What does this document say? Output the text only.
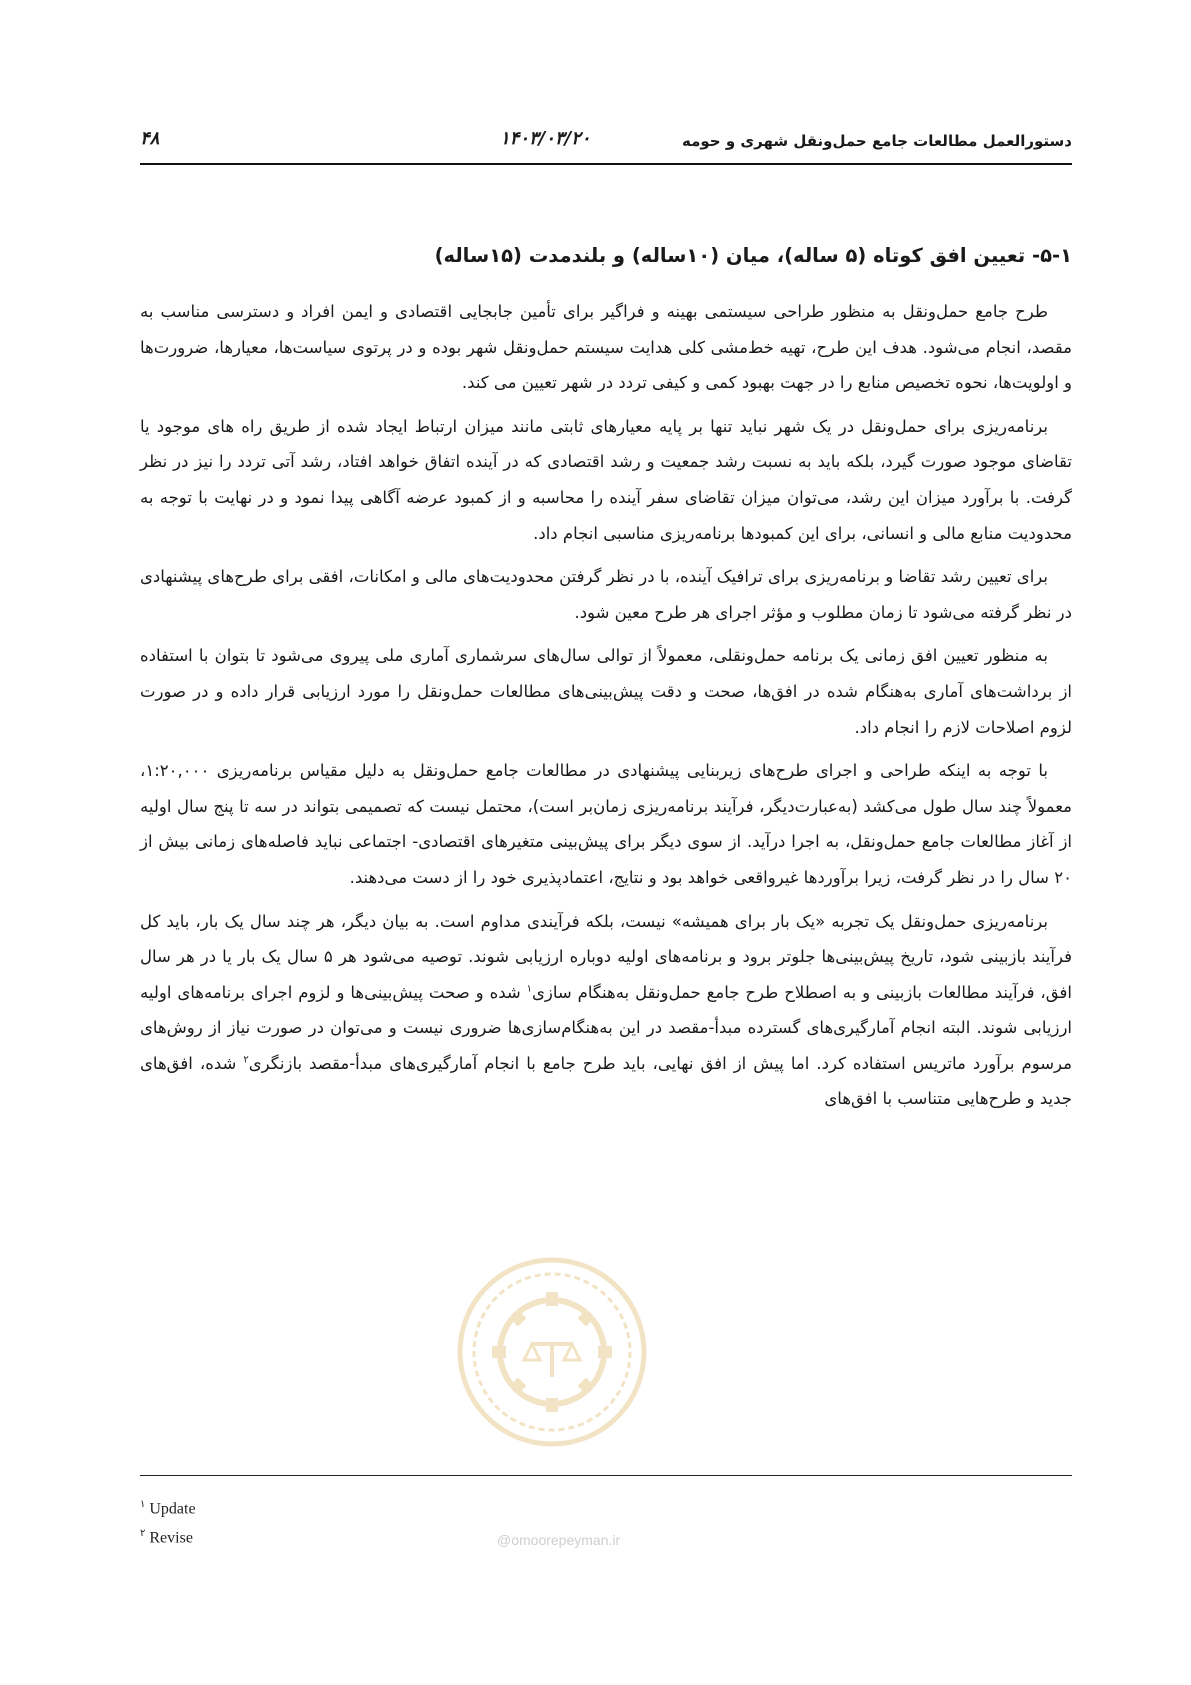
دستورالعمل مطالعات جامع حمل‌ونقل شهری و حومه
۱۴۰۳/۰۳/۲۰
۴۸
۵-۱- تعیین افق کوتاه (۵ ساله)، میان (۱۰ساله) و بلندمدت (۱۵ساله)

طرح جامع حمل‌ونقل به منظور طراحی سیستمی بهینه و فراگیر برای تأمین جابجایی اقتصادی و ایمن افراد و دسترسی مناسب به مقصد، انجام می‌شود. هدف این طرح، تهیه خط‌مشی کلی هدایت سیستم حمل‌ونقل شهر بوده و در پرتوی سیاست‌ها، معیارها، ضرورت‌ها و اولویت‌ها، نحوه تخصیص منابع را در جهت بهبود کمی و کیفی تردد در شهر تعیین می کند.

برنامه‌ریزی برای حمل‌ونقل در یک شهر نباید تنها بر پایه معیارهای ثابتی مانند میزان ارتباط ایجاد شده از طریق راه های موجود یا تقاضای موجود صورت گیرد، بلکه باید به نسبت رشد جمعیت و رشد اقتصادی که در آینده اتفاق خواهد افتاد، رشد آتی تردد را نیز در نظر گرفت. با برآورد میزان این رشد، می‌توان میزان تقاضای سفر آینده را محاسبه و از کمبود عرضه آگاهی پیدا نمود و در نهایت با توجه به محدودیت منابع مالی و انسانی، برای این کمبودها برنامه‌ریزی مناسبی انجام داد.

برای تعیین رشد تقاضا و برنامه‌ریزی برای ترافیک آینده، با در نظر گرفتن محدودیت‌های مالی و امکانات، افقی برای طرح‌های پیشنهادی در نظر گرفته می‌شود تا زمان مطلوب و مؤثر اجرای هر طرح معین شود.

به منظور تعیین افق زمانی یک برنامه حمل‌ونقلی، معمولاً از توالی سال‌های سرشماری آماری ملی پیروی می‌شود تا بتوان با استفاده از برداشت‌های آماری به‌هنگام شده در افق‌ها، صحت و دقت پیش‌بینی‌های مطالعات حمل‌ونقل را مورد ارزیابی قرار داده و در صورت لزوم اصلاحات لازم را انجام داد.

با توجه به اینکه طراحی و اجرای طرح‌های زیربنایی پیشنهادی در مطالعات جامع حمل‌ونقل به دلیل مقیاس برنامه‌ریزی ۱:۲۰,۰۰۰، معمولاً چند سال طول می‌کشد (به‌عبارت‌دیگر، فرآیند برنامه‌ریزی زمان‌بر است)، محتمل نیست که تصمیمی بتواند در سه تا پنج سال اولیه از آغاز مطالعات جامع حمل‌ونقل، به اجرا درآید. از سوی دیگر برای پیش‌بینی متغیرهای اقتصادی- اجتماعی نباید فاصله‌های زمانی بیش از ۲۰ سال را در نظر گرفت، زیرا برآوردها غیرواقعی خواهد بود و نتایج، اعتمادپذیری خود را از دست می‌دهند.

برنامه‌ریزی حمل‌ونقل یک تجربه «یک بار برای همیشه» نیست، بلکه فرآیندی مداوم است. به بیان دیگر، هر چند سال یک بار، باید کل فرآیند بازبینی شود، تاریخ پیش‌بینی‌ها جلوتر برود و برنامه‌های اولیه دوباره ارزیابی شوند. توصیه می‌شود هر ۵ سال یک بار یا در هر سال افق، فرآیند مطالعات بازبینی و به اصطلاح طرح جامع حمل‌ونقل به‌هنگام سازی$^۱$ شده و صحت پیش‌بینی‌ها و لزوم اجرای برنامه‌های اولیه ارزیابی شوند. البته انجام آمارگیری‌های گسترده مبدأ-مقصد در این به‌هنگام‌سازی‌ها ضروری نیست و می‌توان در صورت نیاز از روش‌های مرسوم برآورد ماتریس استفاده کرد. اما پیش از افق نهایی، باید طرح جامع با انجام آمارگیری‌های مبدأ-مقصد بازنگری$^۲$ شده، افق‌های جدید و طرح‌هایی متناسب با افق‌های

@omoorepeyman.ir
$^۱$ Update
$^۲$ Revise
